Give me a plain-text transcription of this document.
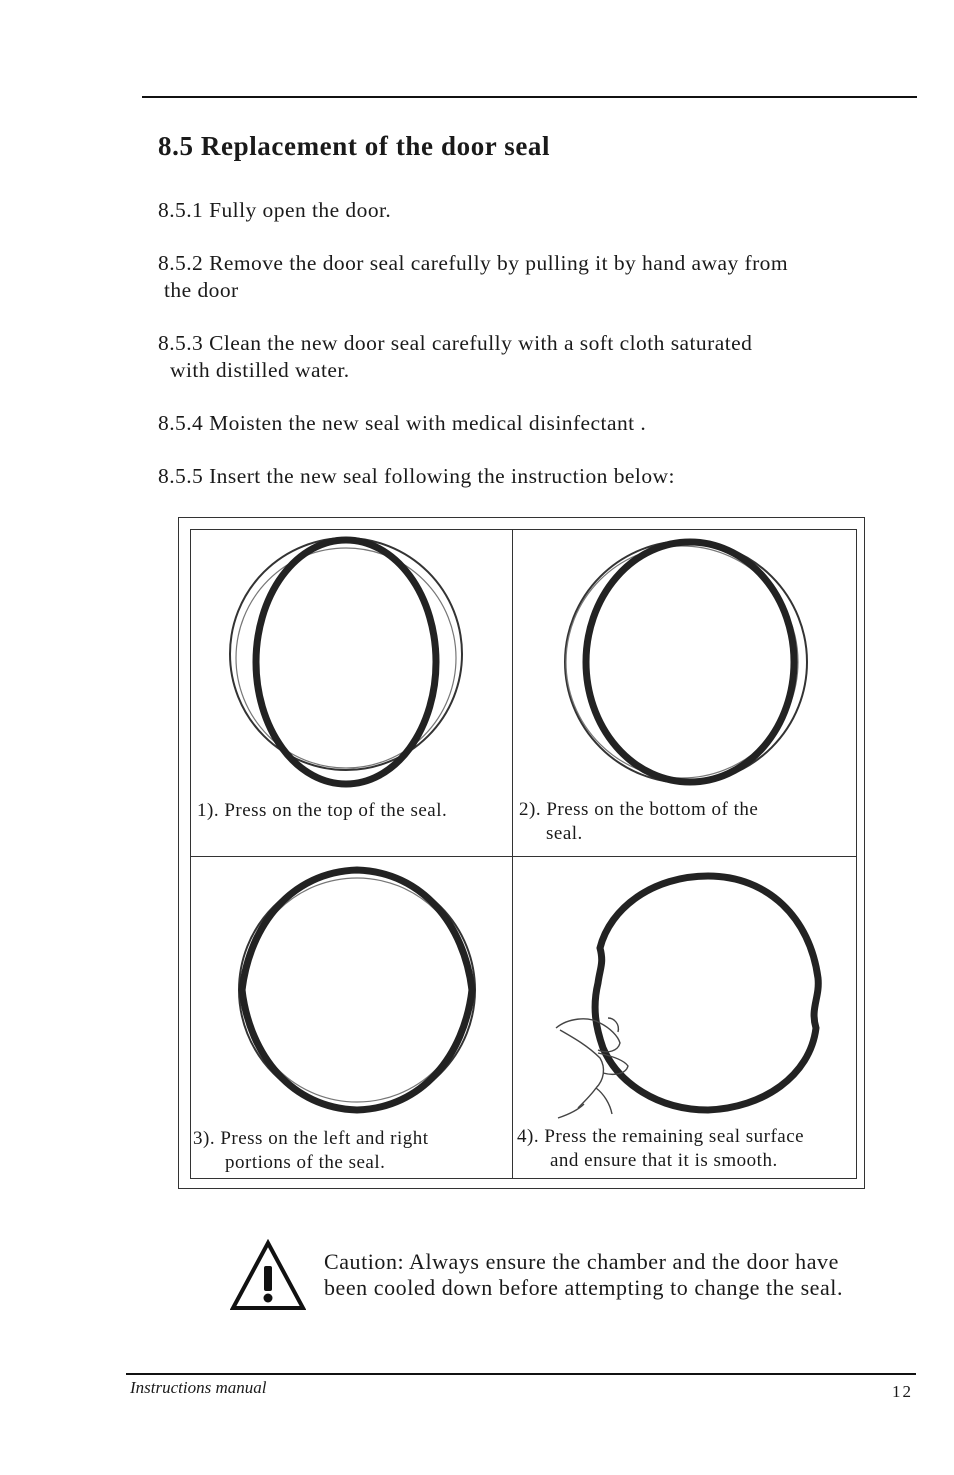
8.5 Replacement of the door seal
8.5.1 Fully open the door.
8.5.2 Remove the door seal carefully by pulling it by hand away from
the door
8.5.3 Clean the new door seal carefully with a soft cloth saturated
with distilled water.
8.5.4 Moisten the new seal with medical disinfectant .
8.5.5 Insert the new seal following the instruction below:
1). Press on the top of the seal.	2). Press on the bottom of the
seal.
3). Press on the left and right
portions of the seal.
4). Press the remaining seal surface
and ensure that it is smooth.
Caution: Always ensure the chamber and the door have
been cooled down before attempting to change the seal.
Instructions manual	12
